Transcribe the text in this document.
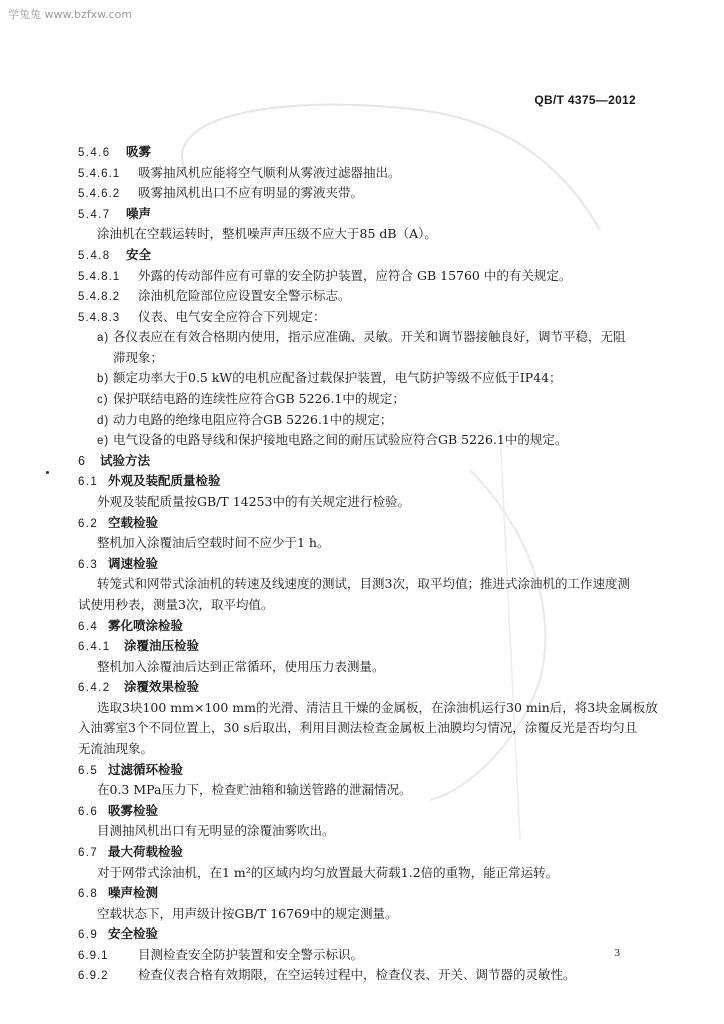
学兔兔 www.bzfxw.com
QB/T 4375—2012
5.4.6 吸雾
5.4.6.1 吸雾抽风机应能将空气顺利从雾液过滤器抽出。
5.4.6.2 吸雾抽风机出口不应有明显的雾液夹带。
5.4.7 噪声
涂油机在空载运转时，整机噪声声压级不应大于85 dB（A）。
5.4.8 安全
5.4.8.1 外露的传动部件应有可靠的安全防护装置，应符合 GB 15760 中的有关规定。
5.4.8.2 涂油机危险部位应设置安全警示标志。
5.4.8.3 仪表、电气安全应符合下列规定：
a) 各仪表应在有效合格期内使用，指示应准确、灵敏。开关和调节器接触良好，调节平稳，无阻
滞现象；
b) 额定功率大于0.5 kW的电机应配备过载保护装置，电气防护等级不应低于IP44；
c) 保护联结电路的连续性应符合GB 5226.1中的规定；
d) 动力电路的绝缘电阻应符合GB 5226.1中的规定；
e) 电气设备的电路导线和保护接地电路之间的耐压试验应符合GB 5226.1中的规定。
6 试验方法
6.1 外观及装配质量检验
外观及装配质量按GB/T 14253中的有关规定进行检验。
6.2 空载检验
整机加入涂覆油后空载时间不应少于1 h。
6.3 调速检验
转笼式和网带式涂油机的转速及线速度的测试，目测3次，取平均值；推进式涂油机的工作速度测
试使用秒表，测量3次，取平均值。
6.4 雾化喷涂检验
6.4.1 涂覆油压检验
整机加入涂覆油后达到正常循环，使用压力表测量。
6.4.2 涂覆效果检验
选取3块100 mm×100 mm的光滑、清洁且干燥的金属板，在涂油机运行30 min后，将3块金属板放
入油雾室3个不同位置上，30 s后取出，利用目测法检查金属板上油膜均匀情况，涂覆反光是否均匀且
无流油现象。
6.5 过滤循环检验
在0.3 MPa压力下，检查贮油箱和输送管路的泄漏情况。
6.6 吸雾检验
目测抽风机出口有无明显的涂覆油雾吹出。
6.7 最大荷载检验
对于网带式涂油机，在1 m²的区域内均匀放置最大荷载1.2倍的重物，能正常运转。
6.8 噪声检测
空载状态下，用声级计按GB/T 16769中的规定测量。
6.9 安全检验
6.9.1 目测检查安全防护装置和安全警示标识。
6.9.2 检查仪表合格有效期限，在空运转过程中，检查仪表、开关、调节器的灵敏性。
3
